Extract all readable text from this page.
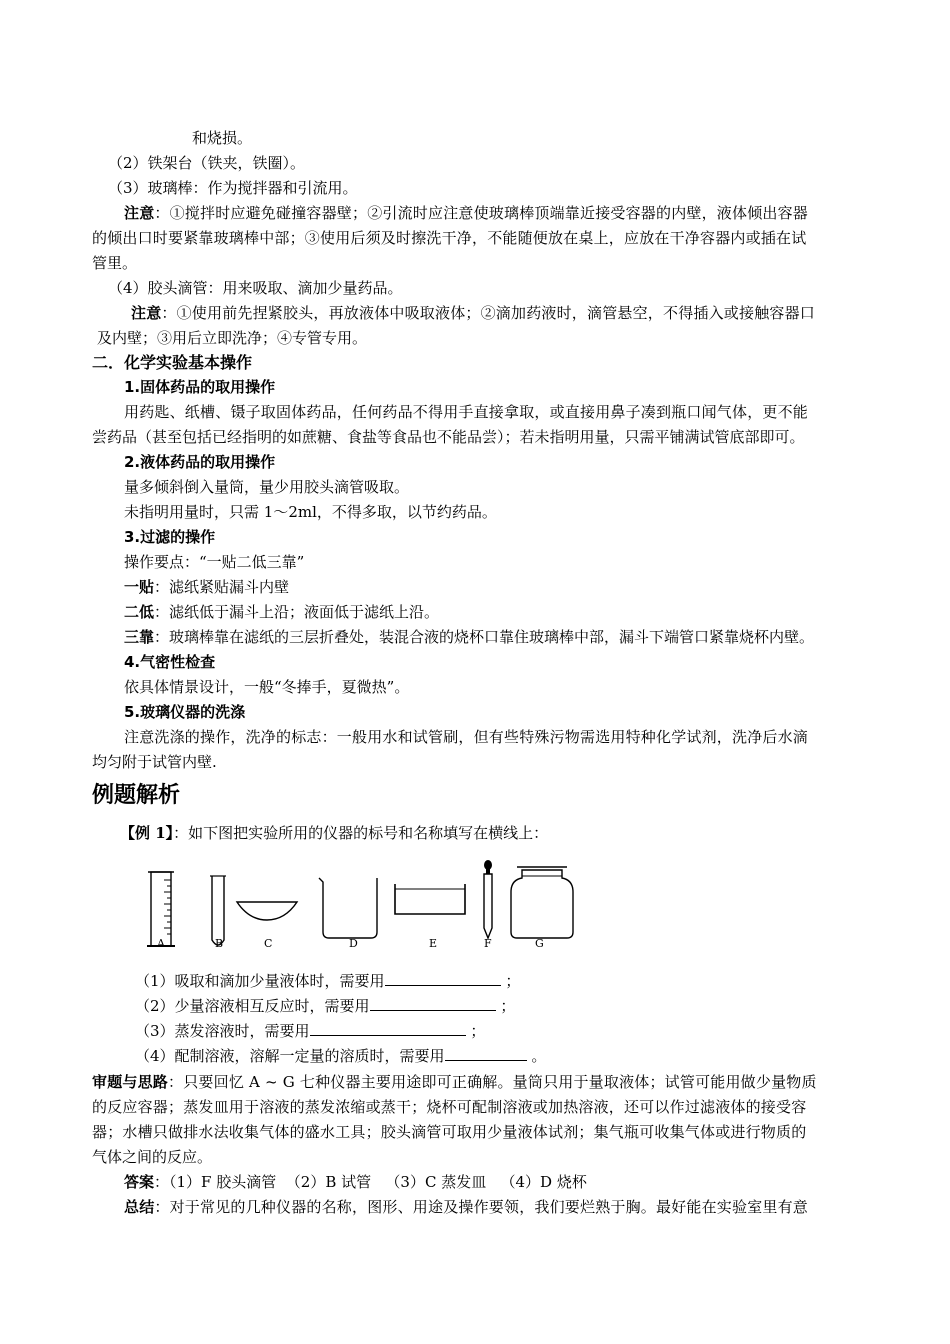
和烧损。
（2）铁架台（铁夹，铁圈）。
（3）玻璃棒：作为搅拌器和引流用。
注意：①搅拌时应避免碰撞容器壁；②引流时应注意使玻璃棒顶端靠近接受容器的内壁，液体倾出容器
的倾出口时要紧靠玻璃棒中部；③使用后须及时擦洗干净，不能随便放在桌上，应放在干净容器内或插在试
管里。
（4）胶头滴管：用来吸取、滴加少量药品。
注意：①使用前先捏紧胶头，再放液体中吸取液体；②滴加药液时，滴管悬空，不得插入或接触容器口
及内壁；③用后立即洗净；④专管专用。
二．化学实验基本操作
1.固体药品的取用操作
用药匙、纸槽、镊子取固体药品，任何药品不得用手直接拿取，或直接用鼻子凑到瓶口闻气体，更不能
尝药品（甚至包括已经指明的如蔗糖、食盐等食品也不能品尝）；若未指明用量，只需平铺满试管底部即可。
2.液体药品的取用操作
量多倾斜倒入量筒，量少用胶头滴管吸取。
未指明用量时，只需 1～2ml，不得多取，以节约药品。
3.过滤的操作
操作要点：“一贴二低三靠”
一贴：滤纸紧贴漏斗内壁
二低：滤纸低于漏斗上沿；液面低于滤纸上沿。
三靠：玻璃棒靠在滤纸的三层折叠处，装混合液的烧杯口靠住玻璃棒中部，漏斗下端管口紧靠烧杯内壁。
4.气密性检查
依具体情景设计，一般“冬捧手，夏微热”。
5.玻璃仪器的洗涤
注意洗涤的操作，洗净的标志：一般用水和试管刷，但有些特殊污物需选用特种化学试剂，洗净后水滴
均匀附于试管内壁.
例题解析
【例 1】：如下图把实验所用的仪器的标号和名称填写在横线上：
A	B	C	D	E	F	G
（1）吸取和滴加少量液体时，需要用	；
（2）少量溶液相互反应时，需要用	；
（3）蒸发溶液时，需要用	；
（4）配制溶液，溶解一定量的溶质时，需要用	。
审题与思路：只要回忆 A ~ G 七种仪器主要用途即可正确解。量筒只用于量取液体；试管可能用做少量物质
的反应容器；蒸发皿用于溶液的蒸发浓缩或蒸干；烧杯可配制溶液或加热溶液，还可以作过滤液体的接受容
器；水槽只做排水法收集气体的盛水工具；胶头滴管可取用少量液体试剂；集气瓶可收集气体或进行物质的
气体之间的反应。
答案：（1）F 胶头滴管  （2）B 试管   （3）C 蒸发皿   （4）D 烧杯
总结：对于常见的几种仪器的名称，图形、用途及操作要领，我们要烂熟于胸。最好能在实验室里有意
